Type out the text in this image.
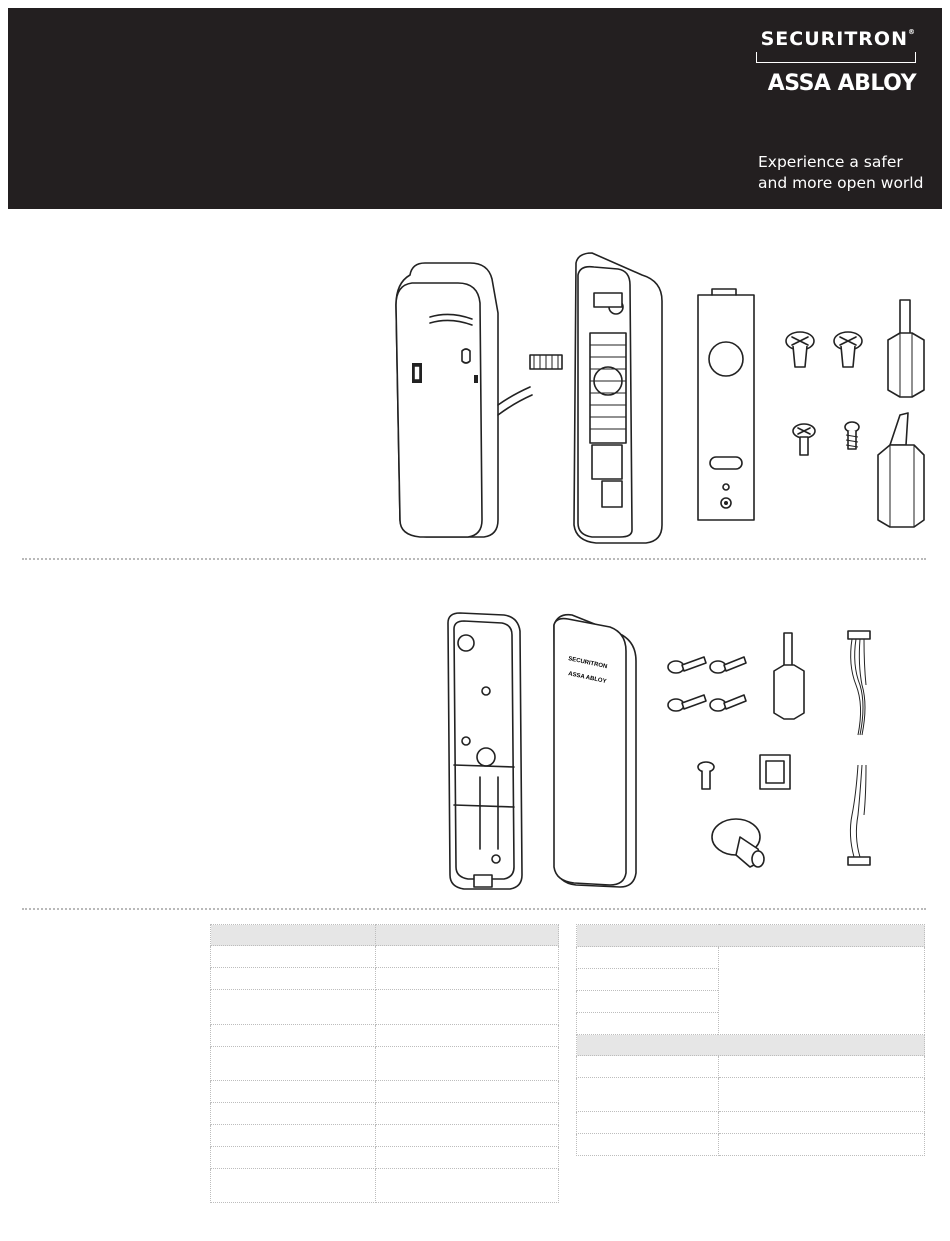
SECURITRON®
ASSA ABLOY
Experience a safer
and more open world
SECURITRON
ASSA ABLOY
